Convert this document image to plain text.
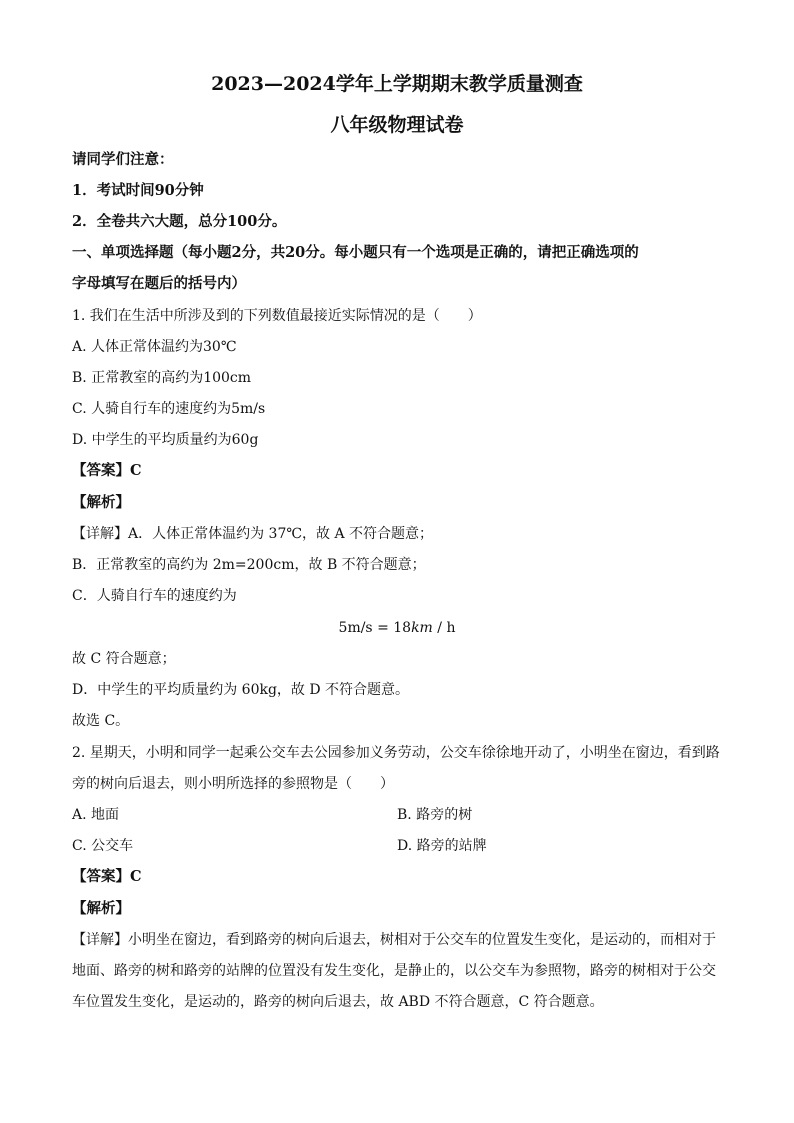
2023—2024学年上学期期末教学质量测查
八年级物理试卷
请同学们注意：
1．考试时间90分钟
2．全卷共六大题，总分100分。
一、单项选择题（每小题2分，共20分。每小题只有一个选项是正确的，请把正确选项的
字母填写在题后的括号内）
1. 我们在生活中所涉及到的下列数值最接近实际情况的是（　　）
A. 人体正常体温约为30℃
B. 正常教室的高约为100cm
C. 人骑自行车的速度约为5m/s
D. 中学生的平均质量约为60g
【答案】C
【解析】
【详解】A．人体正常体温约为 37℃，故 A 不符合题意；
B．正常教室的高约为 2m=200cm，故 B 不符合题意；
C．人骑自行车的速度约为
5m/s = 18km / h
故 C 符合题意；
D．中学生的平均质量约为 60kg，故 D 不符合题意。
故选 C。
2. 星期天，小明和同学一起乘公交车去公园参加义务劳动，公交车徐徐地开动了，小明坐在窗边，看到路
旁的树向后退去，则小明所选择的参照物是（　　）
A. 地面	B. 路旁的树
C. 公交车	D. 路旁的站牌
【答案】C
【解析】
【详解】小明坐在窗边，看到路旁的树向后退去，树相对于公交车的位置发生变化，是运动的，而相对于
地面、路旁的树和路旁的站牌的位置没有发生变化，是静止的，以公交车为参照物，路旁的树相对于公交
车位置发生变化，是运动的，路旁的树向后退去，故 ABD 不符合题意，C 符合题意。
